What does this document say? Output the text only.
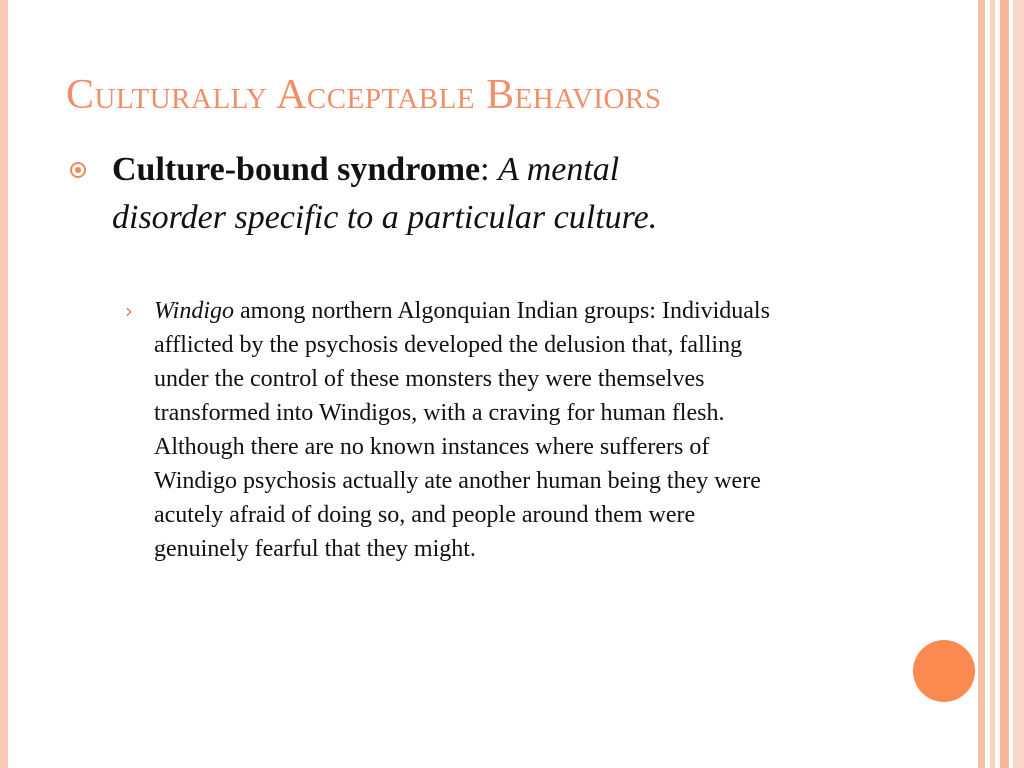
Culturally Acceptable Behaviors
Culture-bound syndrome: A mental disorder specific to a particular culture.
› Windigo among northern Algonquian Indian groups: Individuals afflicted by the psychosis developed the delusion that, falling under the control of these monsters they were themselves transformed into Windigos, with a craving for human flesh. Although there are no known instances where sufferers of Windigo psychosis actually ate another human being they were acutely afraid of doing so, and people around them were genuinely fearful that they might.
